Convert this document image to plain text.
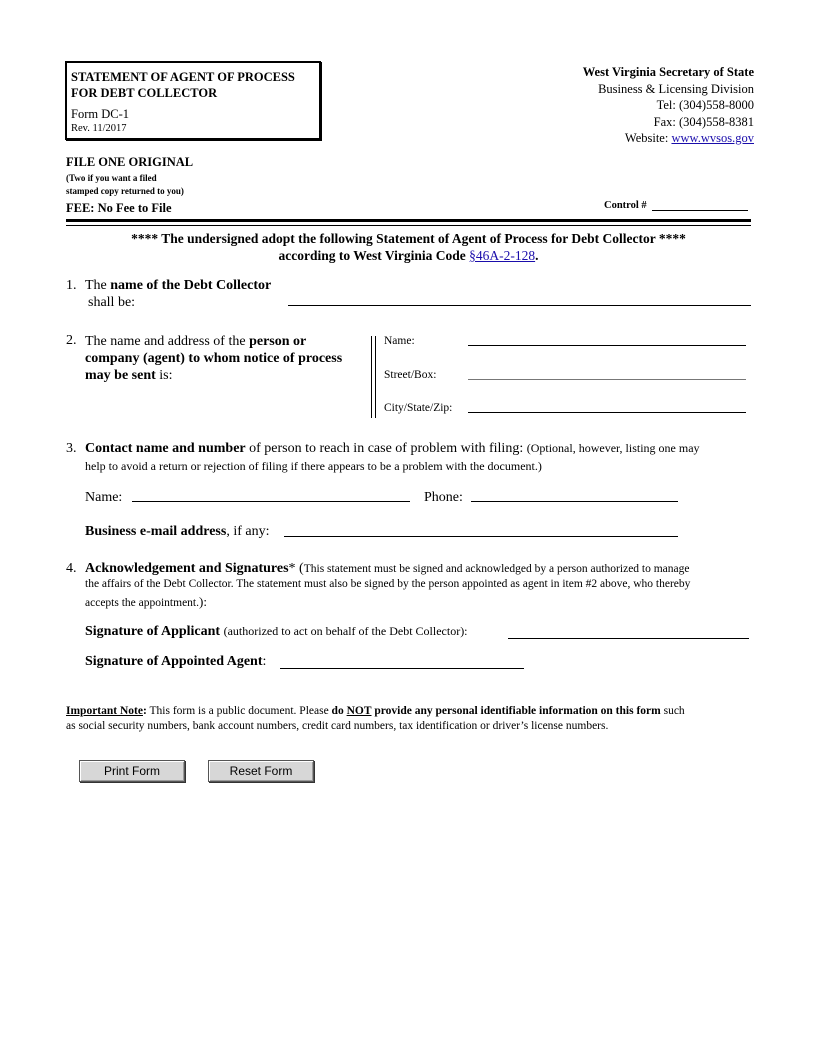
STATEMENT OF AGENT OF PROCESS
FOR DEBT COLLECTOR
Form DC-1
Rev. 11/2017
West Virginia Secretary of State
Business & Licensing Division
Tel: (304)558-8000
Fax: (304)558-8381
Website: www.wvsos.gov
FILE ONE ORIGINAL
(Two if you want a filed
stamped copy returned to you)
FEE: No Fee to File	Control #
**** The undersigned adopt the following Statement of Agent of Process for Debt Collector ****
according to West Virginia Code §46A-2-128.
1. The name of the Debt Collector
shall be:
2. The name and address of the person or
company (agent) to whom notice of process
may be sent is:
Name:
Street/Box:
City/State/Zip:
3. Contact name and number of person to reach in case of problem with filing: (Optional, however, listing one may
help to avoid a return or rejection of filing if there appears to be a problem with the document.)
Name:	Phone:
Business e-mail address, if any:
4. Acknowledgement and Signatures* (This statement must be signed and acknowledged by a person authorized to manage
the affairs of the Debt Collector. The statement must also be signed by the person appointed as agent in item #2 above, who thereby
accepts the appointment.):
Signature of Applicant (authorized to act on behalf of the Debt Collector):
Signature of Appointed Agent:
Important Note: This form is a public document. Please do NOT provide any personal identifiable information on this form such
as social security numbers, bank account numbers, credit card numbers, tax identification or driver’s license numbers.
Print Form	Reset Form
